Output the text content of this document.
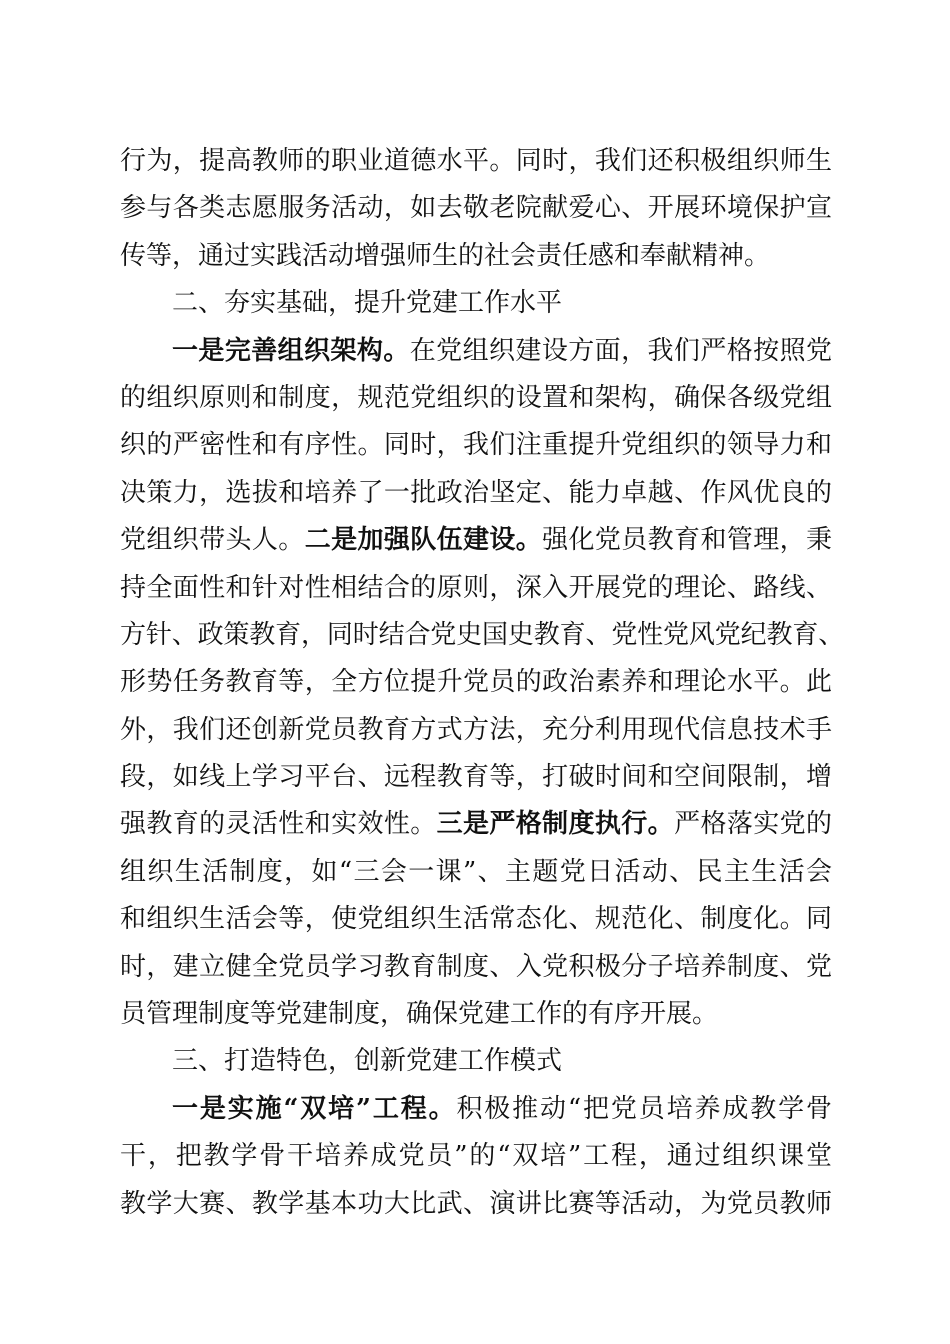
行为，提高教师的职业道德水平。同时，我们还积极组织师生
参与各类志愿服务活动，如去敬老院献爱心、开展环境保护宣
传等，通过实践活动增强师生的社会责任感和奉献精神。
二、夯实基础，提升党建工作水平
一是完善组织架构。在党组织建设方面，我们严格按照党
的组织原则和制度，规范党组织的设置和架构，确保各级党组
织的严密性和有序性。同时，我们注重提升党组织的领导力和
决策力，选拔和培养了一批政治坚定、能力卓越、作风优良的
党组织带头人。二是加强队伍建设。强化党员教育和管理，秉
持全面性和针对性相结合的原则，深入开展党的理论、路线、
方针、政策教育，同时结合党史国史教育、党性党风党纪教育、
形势任务教育等，全方位提升党员的政治素养和理论水平。此
外，我们还创新党员教育方式方法，充分利用现代信息技术手
段，如线上学习平台、远程教育等，打破时间和空间限制，增
强教育的灵活性和实效性。三是严格制度执行。严格落实党的
组织生活制度，如“三会一课”、主题党日活动、民主生活会
和组织生活会等，使党组织生活常态化、规范化、制度化。同
时，建立健全党员学习教育制度、入党积极分子培养制度、党
员管理制度等党建制度，确保党建工作的有序开展。
三、打造特色，创新党建工作模式
一是实施“双培”工程。积极推动“把党员培养成教学骨
干，把教学骨干培养成党员”的“双培”工程，通过组织课堂
教学大赛、教学基本功大比武、演讲比赛等活动，为党员教师
